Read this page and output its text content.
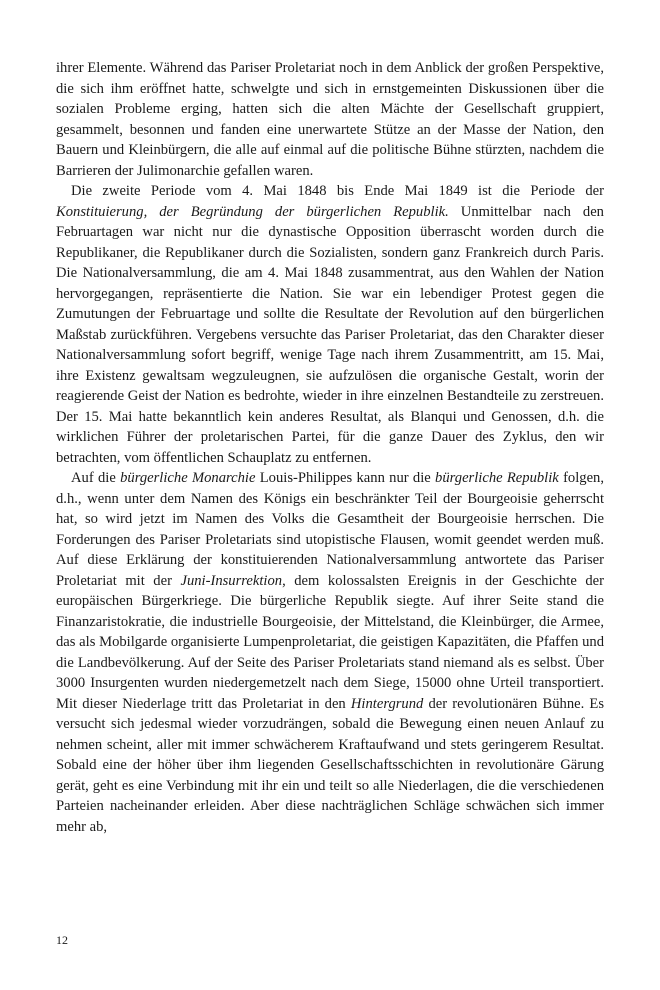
ihrer Elemente. Während das Pariser Proletariat noch in dem Anblick der großen Perspektive, die sich ihm eröffnet hatte, schwelgte und sich in ernstgemeinten Diskussionen über die sozialen Probleme erging, hatten sich die alten Mächte der Gesellschaft gruppiert, gesammelt, besonnen und fanden eine unerwartete Stütze an der Masse der Nation, den Bauern und Kleinbürgern, die alle auf einmal auf die politische Bühne stürzten, nachdem die Barrieren der Julimonarchie gefallen waren.

Die zweite Periode vom 4. Mai 1848 bis Ende Mai 1849 ist die Periode der Konstituierung, der Begründung der bürgerlichen Republik. Unmittelbar nach den Februartagen war nicht nur die dynastische Opposition überrascht worden durch die Republikaner, die Republikaner durch die Sozialisten, sondern ganz Frankreich durch Paris. Die Nationalversammlung, die am 4. Mai 1848 zusammentrat, aus den Wahlen der Nation hervorgegangen, repräsentierte die Nation. Sie war ein lebendiger Protest gegen die Zumutungen der Februartage und sollte die Resultate der Revolution auf den bürgerlichen Maßstab zurückführen. Vergebens versuchte das Pariser Proletariat, das den Charakter dieser Nationalversammlung sofort begriff, wenige Tage nach ihrem Zusammentritt, am 15. Mai, ihre Existenz gewaltsam wegzuleugnen, sie aufzulösen die organische Gestalt, worin der reagierende Geist der Nation es bedrohte, wieder in ihre einzelnen Bestandteile zu zerstreuen. Der 15. Mai hatte bekanntlich kein anderes Resultat, als Blanqui und Genossen, d.h. die wirklichen Führer der proletarischen Partei, für die ganze Dauer des Zyklus, den wir betrachten, vom öffentlichen Schauplatz zu entfernen.

Auf die bürgerliche Monarchie Louis-Philippes kann nur die bürgerliche Republik folgen, d.h., wenn unter dem Namen des Königs ein beschränkter Teil der Bourgeoisie geherrscht hat, so wird jetzt im Namen des Volks die Gesamtheit der Bourgeoisie herrschen. Die Forderungen des Pariser Proletariats sind utopistische Flausen, womit geendet werden muß. Auf diese Erklärung der konstituierenden Nationalversammlung antwortete das Pariser Proletariat mit der Juni-Insurrektion, dem kolossalsten Ereignis in der Geschichte der europäischen Bürgerkriege. Die bürgerliche Republik siegte. Auf ihrer Seite stand die Finanzaristokratie, die industrielle Bourgeoisie, der Mittelstand, die Kleinbürger, die Armee, das als Mobilgarde organisierte Lumpenproletariat, die geistigen Kapazitäten, die Pfaffen und die Landbevölkerung. Auf der Seite des Pariser Proletariats stand niemand als es selbst. Über 3000 Insurgenten wurden niedergemetzelt nach dem Siege, 15000 ohne Urteil transportiert. Mit dieser Niederlage tritt das Proletariat in den Hintergrund der revolutionären Bühne. Es versucht sich jedesmal wieder vorzudrängen, sobald die Bewegung einen neuen Anlauf zu nehmen scheint, aller mit immer schwächerem Kraftaufwand und stets geringerem Resultat. Sobald eine der höher über ihm liegenden Gesellschaftsschichten in revolutionäre Gärung gerät, geht es eine Verbindung mit ihr ein und teilt so alle Niederlagen, die die verschiedenen Parteien nacheinander erleiden. Aber diese nachträglichen Schläge schwächen sich immer mehr ab,

12
